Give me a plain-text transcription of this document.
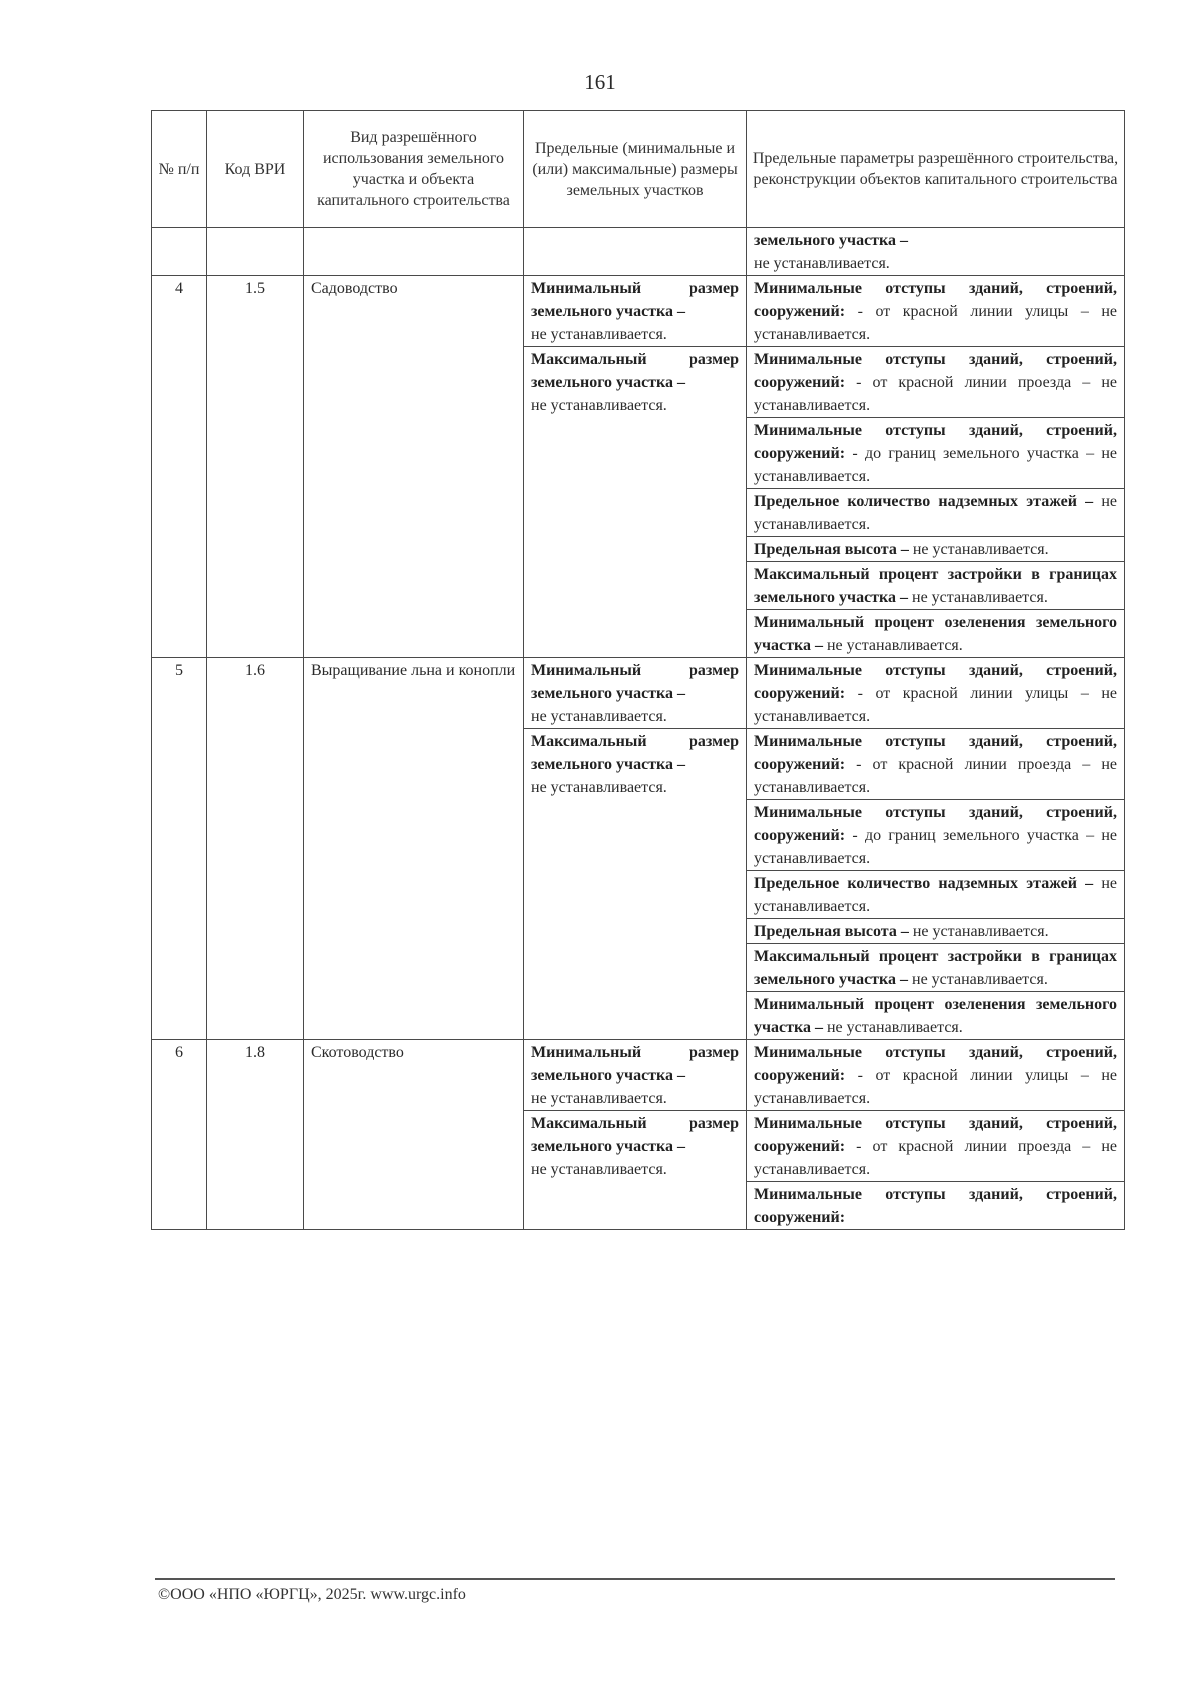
161
№ п/п	Код ВРИ	Вид разрешённого использования земельного участка и объекта капитального строительства	Предельные (минимальные и (или) максимальные) размеры земельных участков	Предельные параметры разрешённого строительства, реконструкции объектов капитального строительства
				земельного участка –
не устанавливается.
4	1.5	Садоводство	Минимальный размер земельного участка –
не устанавливается.	Минимальные отступы зданий, строений, сооружений: - от красной линии улицы – не устанавливается.
			Максимальный размер земельного участка –
не устанавливается.	Минимальные отступы зданий, строений, сооружений: - от красной линии проезда – не устанавливается.
				Минимальные отступы зданий, строений, сооружений: - до границ земельного участка – не устанавливается.
				Предельное количество надземных этажей – не устанавливается.
				Предельная высота – не устанавливается.
				Максимальный процент застройки в границах земельного участка – не устанавливается.
				Минимальный процент озеленения земельного участка – не устанавливается.
5	1.6	Выращивание льна и конопли	Минимальный размер земельного участка –
не устанавливается.	Минимальные отступы зданий, строений, сооружений: - от красной линии улицы – не устанавливается.
			Максимальный размер земельного участка –
не устанавливается.	Минимальные отступы зданий, строений, сооружений: - от красной линии проезда – не устанавливается.
				Минимальные отступы зданий, строений, сооружений: - до границ земельного участка – не устанавливается.
				Предельное количество надземных этажей – не устанавливается.
				Предельная высота – не устанавливается.
				Максимальный процент застройки в границах земельного участка – не устанавливается.
				Минимальный процент озеленения земельного участка – не устанавливается.
6	1.8	Скотоводство	Минимальный размер земельного участка –
не устанавливается.	Минимальные отступы зданий, строений, сооружений: - от красной линии улицы – не устанавливается.
			Максимальный размер земельного участка –
не устанавливается.	Минимальные отступы зданий, строений, сооружений: - от красной линии проезда – не устанавливается.
				Минимальные отступы зданий, строений, сооружений:
©ООО «НПО «ЮРГЦ», 2025г. www.urgc.info
